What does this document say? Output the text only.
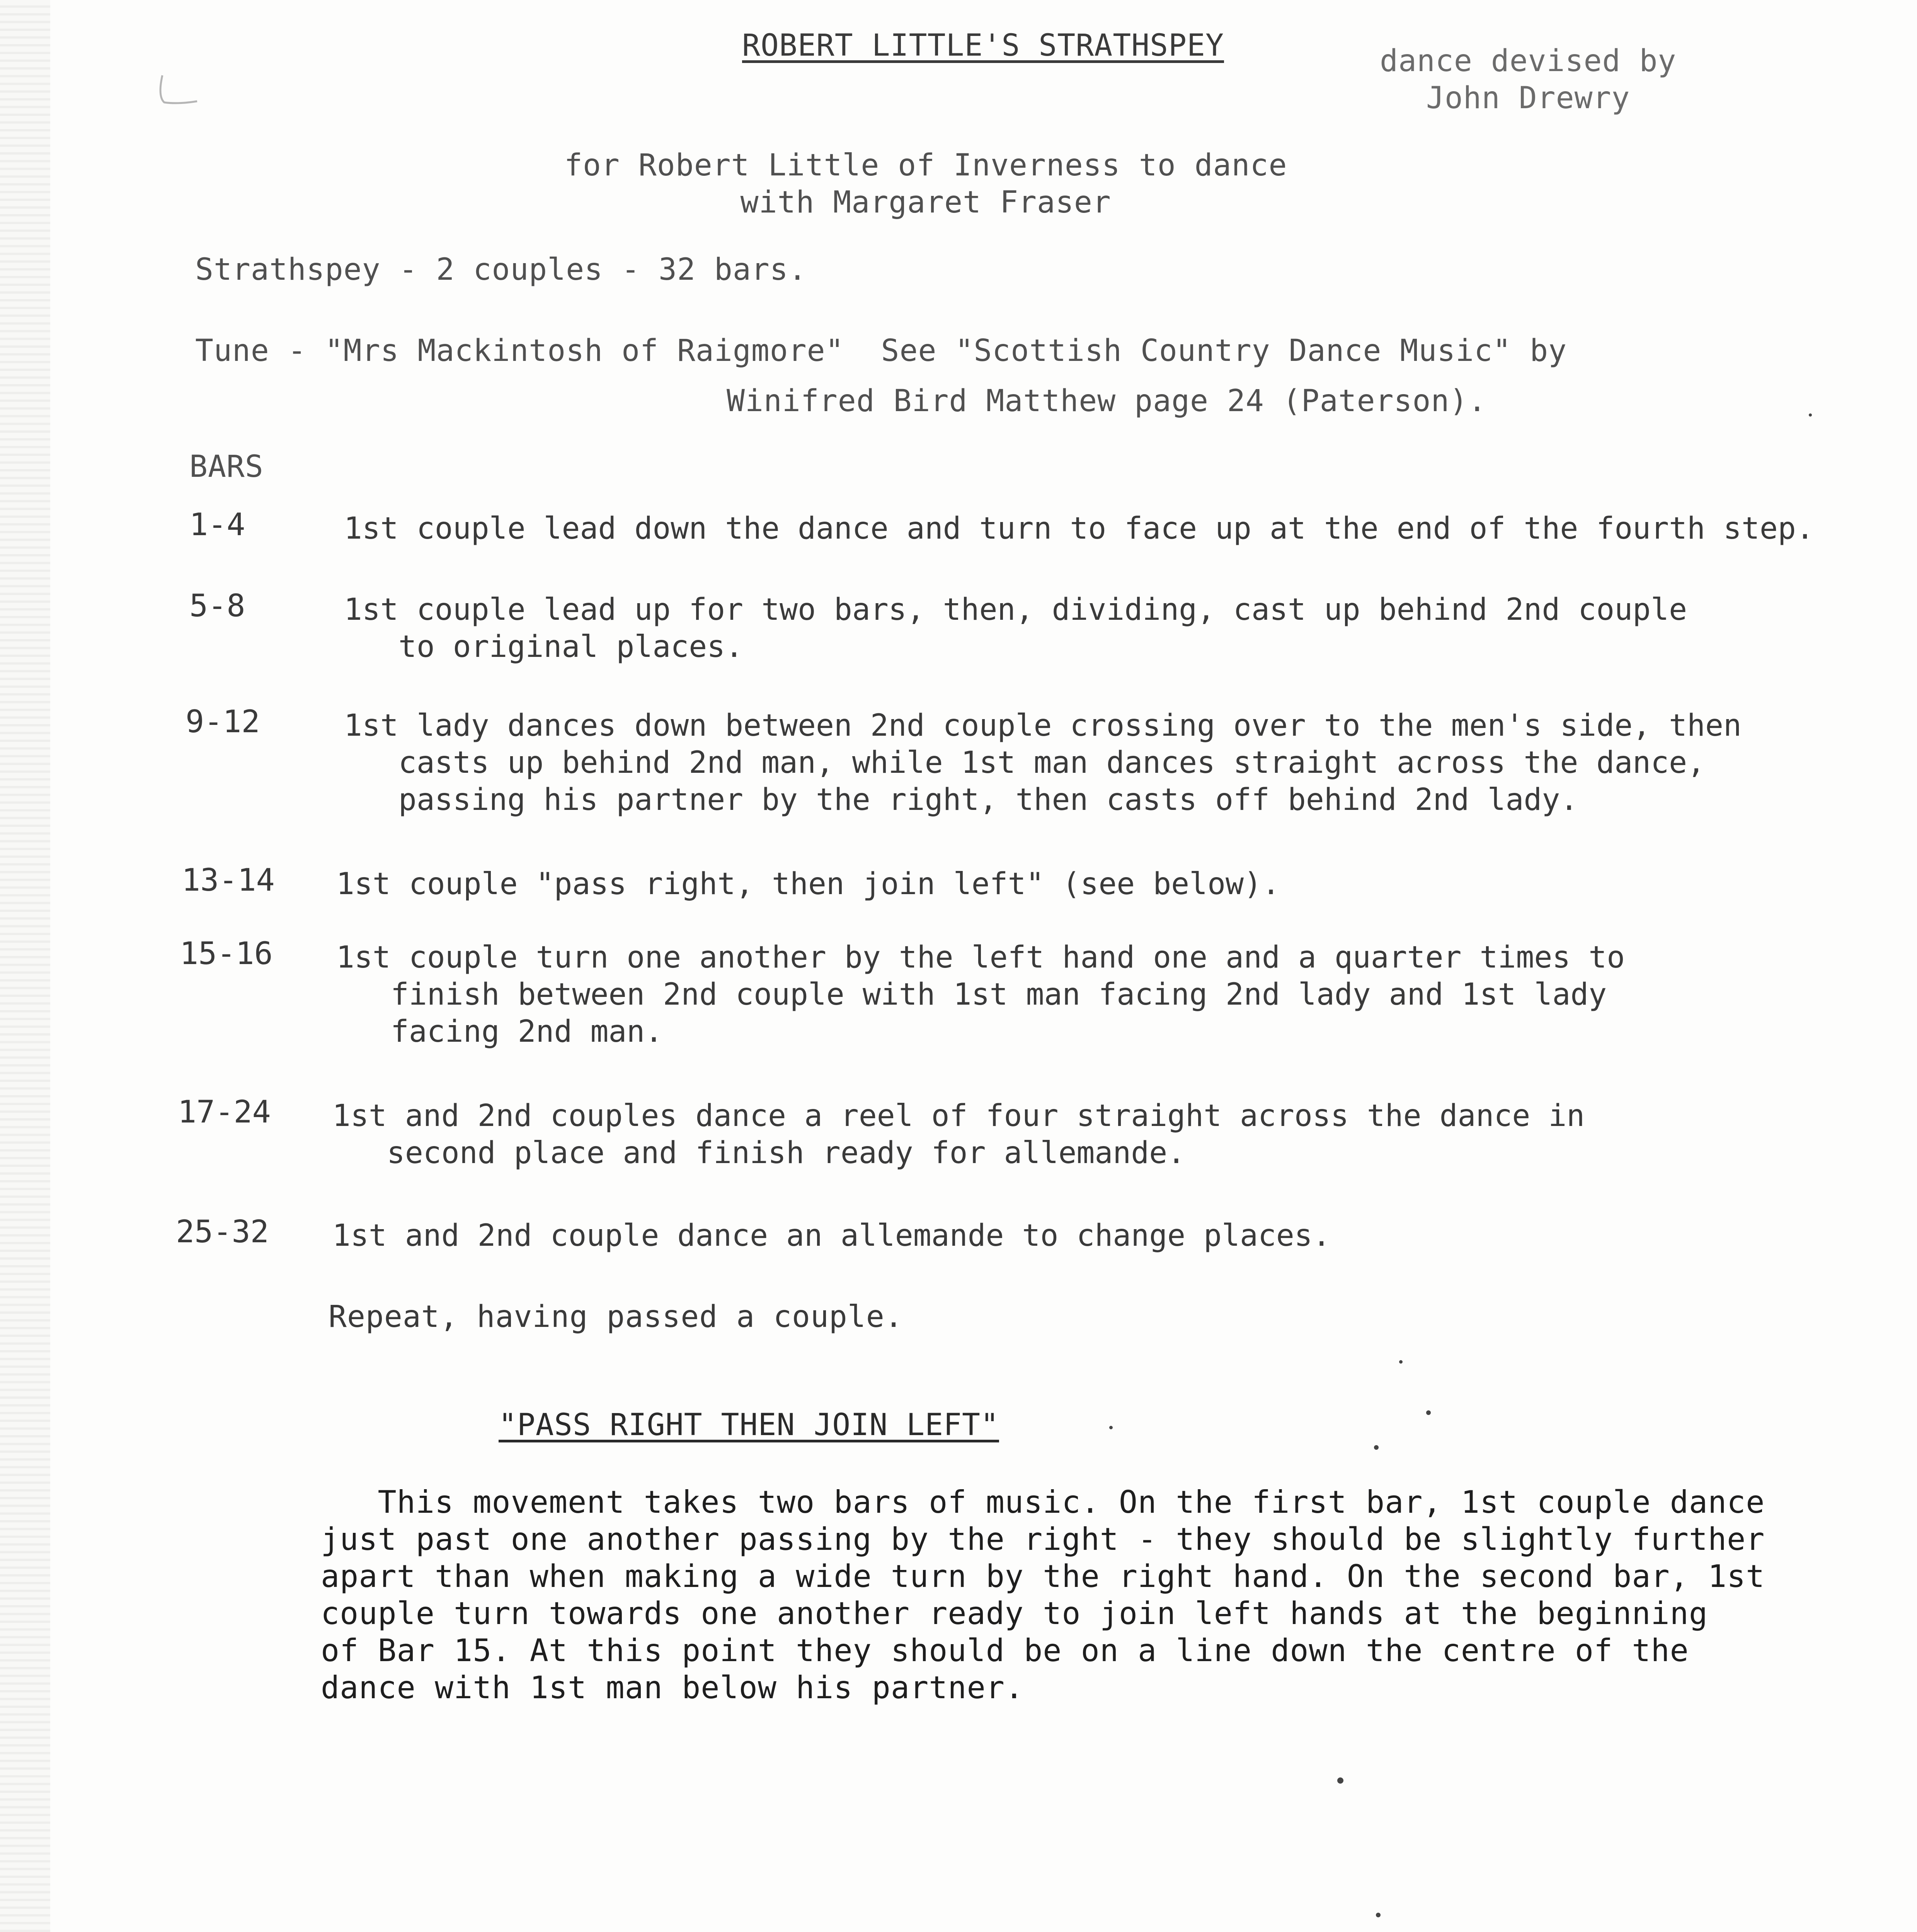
ROBERT LITTLE'S STRATHSPEY	dance devised by
John Drewry
for Robert Little of Inverness to dance
with Margaret Fraser
Strathspey - 2 couples - 32 bars.
Tune - "Mrs Mackintosh of Raigmore"  See "Scottish Country Dance Music" by
Winifred Bird Matthew page 24 (Paterson).
BARS
1-4	1st couple lead down the dance and turn to face up at the end of the fourth step.
5-8	1st couple lead up for two bars, then, dividing, cast up behind 2nd couple
to original places.
9-12	1st lady dances down between 2nd couple crossing over to the men's side, then
casts up behind 2nd man, while 1st man dances straight across the dance,
passing his partner by the right, then casts off behind 2nd lady.
13-14 1st couple "pass right, then join left" (see below).
15-16 1st couple turn one another by the left hand one and a quarter times to
finish between 2nd couple with 1st man facing 2nd lady and 1st lady
facing 2nd man.
17-24 1st and 2nd couples dance a reel of four straight across the dance in
second place and finish ready for allemande.
25-32 1st and 2nd couple dance an allemande to change places.
Repeat, having passed a couple.
"PASS RIGHT THEN JOIN LEFT"
This movement takes two bars of music. On the first bar, 1st couple dance
just past one another passing by the right - they should be slightly further
apart than when making a wide turn by the right hand. On the second bar, 1st
couple turn towards one another ready to join left hands at the beginning
of Bar 15. At this point they should be on a line down the centre of the
dance with 1st man below his partner.
